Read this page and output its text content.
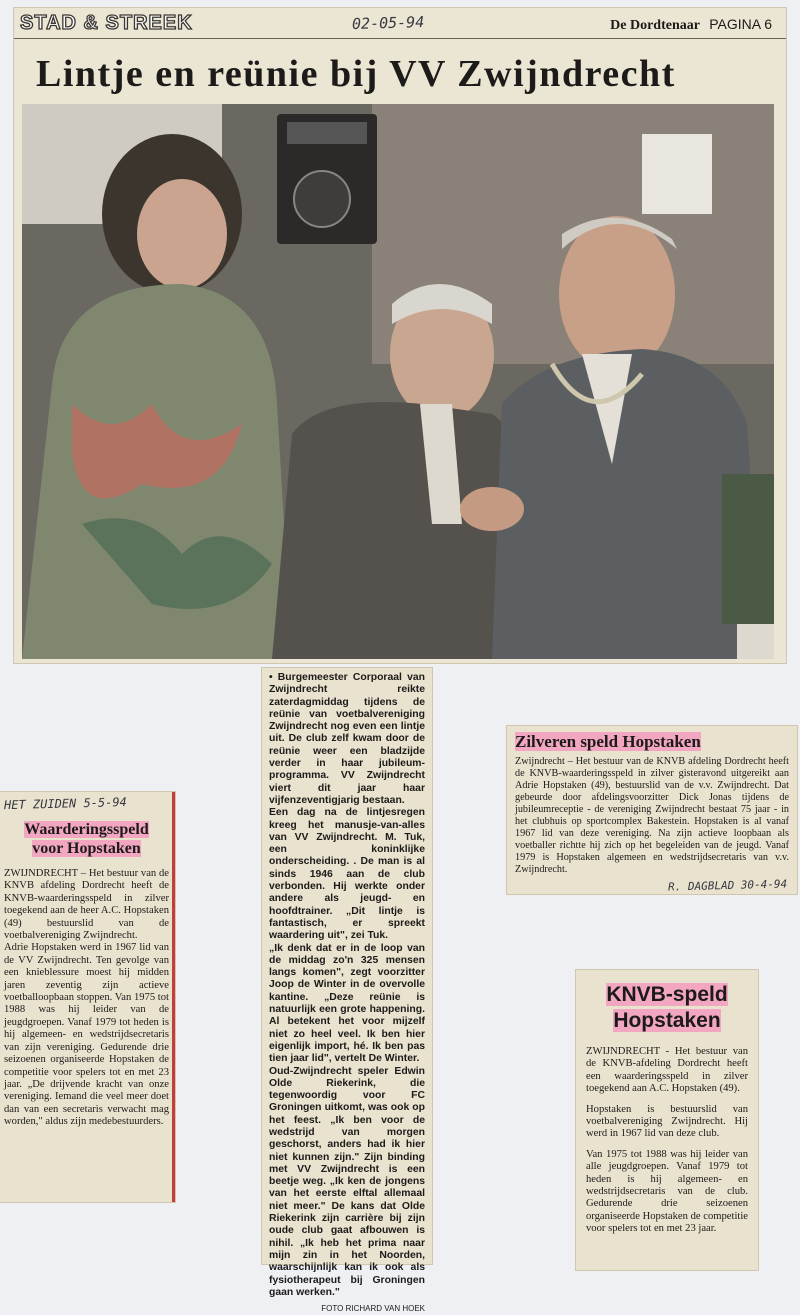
STAD & STREEK	02-05-94	De Dordtenaar PAGINA 6
Lintje en reünie bij VV Zwijndrecht

• Burgemeester Corporaal van Zwijndrecht reikte zaterdagmiddag tijdens de reünie van voetbalvereniging Zwijndrecht nog even een lintje uit. De club zelf kwam door de reünie weer een bladzijde verder in haar jubileum-programma. VV Zwijndrecht viert dit jaar haar vijfenzeventigjarig bestaan.

Een dag na de lintjesregen kreeg het manusje-van-alles van VV Zwijndrecht. M. Tuk, een koninklijke onderscheiding. . De man is al sinds 1946 aan de club verbonden. Hij werkte onder andere als jeugd- en hoofdtrainer. „Dit lintje is fantastisch, er spreekt waardering uit", zei Tuk.

„Ik denk dat er in de loop van de middag zo'n 325 mensen langs komen", zegt voorzitter Joop de Winter in de overvolle kantine. „Deze reünie is natuurlijk een grote happening. Al betekent het voor mijzelf niet zo heel veel. Ik ben hier eigenlijk import, hé. Ik ben pas tien jaar lid", vertelt De Winter.

Oud-Zwijndrecht speler Edwin Olde Riekerink, die tegenwoordig voor FC Groningen uitkomt, was ook op het feest. „Ik ben voor de wedstrijd van morgen geschorst, anders had ik hier niet kunnen zijn." Zijn binding met VV Zwijndrecht is een beetje weg. „Ik ken de jongens van het eerste elftal allemaal niet meer." De kans dat Olde Riekerink zijn carrière bij zijn oude club gaat afbouwen is nihil. „Ik heb het prima naar mijn zin in het Noorden, waarschijnlijk kan ik ook als fysiotherapeut bij Groningen gaan werken."

FOTO RICHARD VAN HOEK
HET ZUIDEN 5-5-94
Waarderingsspeld
voor Hopstaken

ZWIJNDRECHT – Het bestuur van de KNVB afdeling Dordrecht heeft de KNVB-waarderingsspeld in zilver toegekend aan de heer A.C. Hopstaken (49) bestuurslid van de voetbalvereniging Zwijndrecht.

Adrie Hopstaken werd in 1967 lid van de VV Zwijndrecht. Ten gevolge van een knieblessure moest hij midden jaren zeventig zijn actieve voetballoopbaan stoppen. Van 1975 tot 1988 was hij leider van de jeugdgroepen. Vanaf 1979 tot heden is hij algemeen- en wedstrijdsecretaris van zijn vereniging. Gedurende drie seizoenen organiseerde Hopstaken de competitie voor spelers tot en met 23 jaar. „De drijvende kracht van onze vereniging. Iemand die veel meer doet dan van een secretaris verwacht mag worden," aldus zijn medebestuurders.

Zilveren speld Hopstaken
Zwijndrecht – Het bestuur van de KNVB afdeling Dordrecht heeft de KNVB-waarderingsspeld in zilver gisteravond uitgereikt aan Adrie Hopstaken (49), bestuurslid van de v.v. Zwijndrecht. Dat gebeurde door afdelingsvoorzitter Dick Jonas tijdens de jubileumreceptie - de vereniging Zwijndrecht bestaat 75 jaar - in het clubhuis op sportcomplex Bakestein. Hopstaken is al vanaf 1967 lid van deze vereniging. Na zijn actieve loopbaan als voetballer richtte hij zich op het begeleiden van de jeugd. Vanaf 1979 is Hopstaken algemeen en wedstrijdsecretaris van v.v. Zwijndrecht.
R. DAGBLAD 30-4-94
KNVB-speld
Hopstaken

ZWIJNDRECHT - Het bestuur van de KNVB-afdeling Dordrecht heeft een waarderingsspeld in zilver toegekend aan A.C. Hopstaken (49).

Hopstaken is bestuurslid van voetbalvereniging Zwijndrecht. Hij werd in 1967 lid van deze club.

Van 1975 tot 1988 was hij leider van alle jeugdgroepen. Vanaf 1979 tot heden is hij algemeen- en wedstrijdsecretaris van de club. Gedurende drie seizoenen organiseerde Hopstaken de competitie voor spelers tot en met 23 jaar.
